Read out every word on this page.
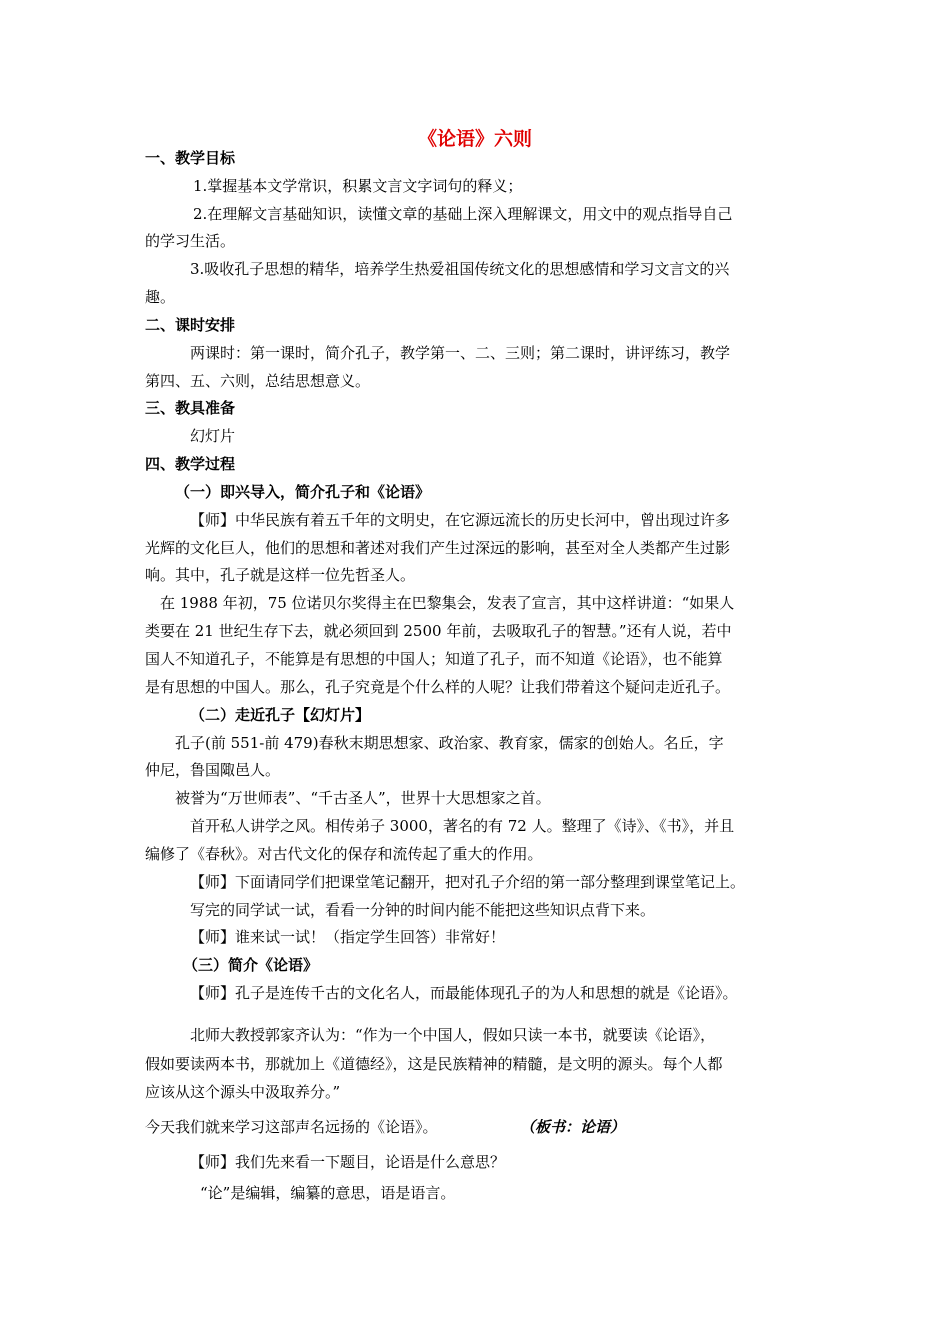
《论语》六则
一、教学目标
1.掌握基本文学常识，积累文言文字词句的释义；
2.在理解文言基础知识，读懂文章的基础上深入理解课文，用文中的观点指导自己
的学习生活。
3.吸收孔子思想的精华，培养学生热爱祖国传统文化的思想感情和学习文言文的兴
趣。
二、课时安排
两课时：第一课时，简介孔子，教学第一、二、三则；第二课时，讲评练习，教学
第四、五、六则，总结思想意义。
三、教具准备
幻灯片
四、教学过程
（一）即兴导入，简介孔子和《论语》
【师】中华民族有着五千年的文明史，在它源远流长的历史长河中，曾出现过许多
光辉的文化巨人，他们的思想和著述对我们产生过深远的影响，甚至对全人类都产生过影
响。其中，孔子就是这样一位先哲圣人。
在 1988 年初，75 位诺贝尔奖得主在巴黎集会，发表了宣言，其中这样讲道：“如果人
类要在 21 世纪生存下去，就必须回到 2500 年前，去吸取孔子的智慧。”还有人说，若中
国人不知道孔子，不能算是有思想的中国人；知道了孔子，而不知道《论语》，也不能算
是有思想的中国人。那么，孔子究竟是个什么样的人呢？让我们带着这个疑问走近孔子。
（二）走近孔子【幻灯片】
孔子(前 551-前 479)春秋末期思想家、政治家、教育家，儒家的创始人。名丘，字
仲尼，鲁国陬邑人。
被誉为“万世师表”、“千古圣人”，世界十大思想家之首。
首开私人讲学之风。相传弟子 3000，著名的有 72 人。整理了《诗》、《书》，并且
编修了《春秋》。对古代文化的保存和流传起了重大的作用。
【师】下面请同学们把课堂笔记翻开，把对孔子介绍的第一部分整理到课堂笔记上。
写完的同学试一试，看看一分钟的时间内能不能把这些知识点背下来。
【师】谁来试一试！（指定学生回答）非常好！
（三）简介《论语》
【师】孔子是连传千古的文化名人，而最能体现孔子的为人和思想的就是《论语》。
北师大教授郭家齐认为：“作为一个中国人，假如只读一本书，就要读《论语》，
假如要读两本书，那就加上《道德经》，这是民族精神的精髓，是文明的源头。每个人都
应该从这个源头中汲取养分。”
今天我们就来学习这部声名远扬的《论语》。	（板书：论语）
【师】我们先来看一下题目，论语是什么意思？
“论”是编辑，编纂的意思，语是语言。
